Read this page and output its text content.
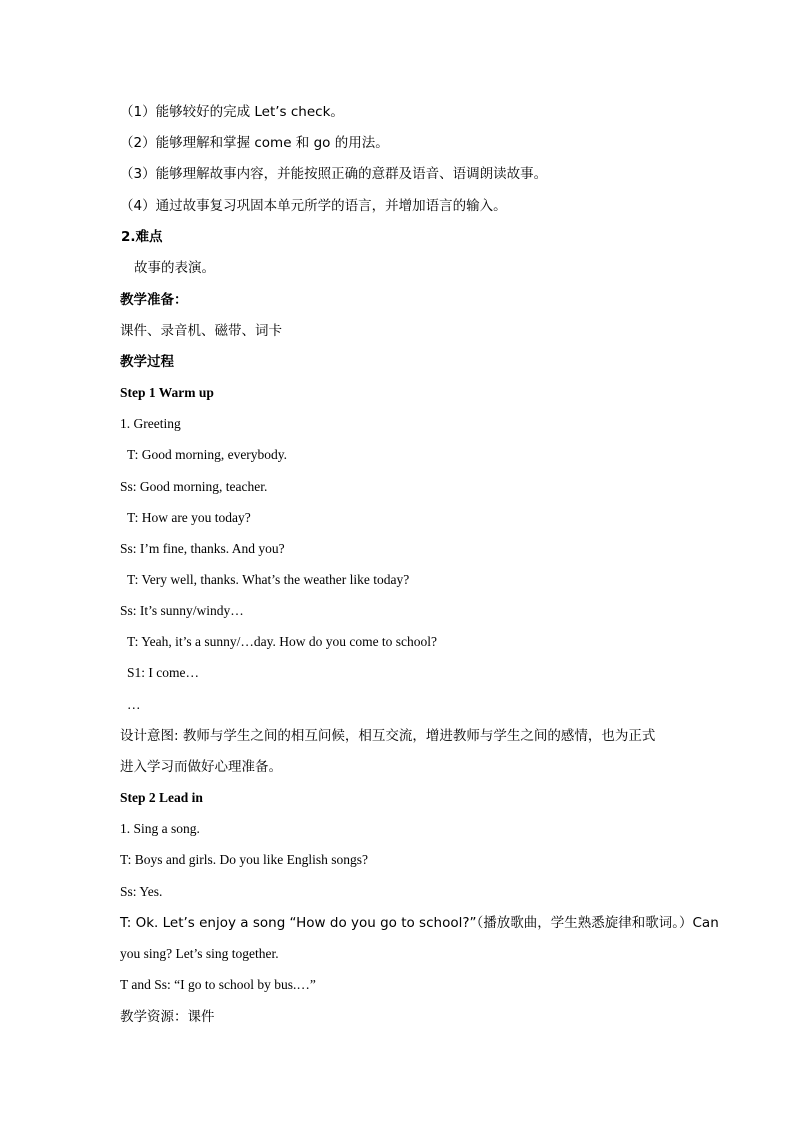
（1）能够较好的完成 Let’s check。
（2）能够理解和掌握 come 和 go 的用法。
（3）能够理解故事内容，并能按照正确的意群及语音、语调朗读故事。
（4）通过故事复习巩固本单元所学的语言，并增加语言的输入。
2.难点
故事的表演。
教学准备：
课件、录音机、磁带、词卡
教学过程
Step 1 Warm up
1. Greeting
T: Good morning, everybody.
Ss: Good morning, teacher.
T: How are you today?
Ss: I’m fine, thanks. And you?
T: Very well, thanks. What’s the weather like today?
Ss: It’s sunny/windy…
T: Yeah, it’s a sunny/…day. How do you come to school?
S1: I come…
…
设计意图: 教师与学生之间的相互问候，相互交流，增进教师与学生之间的感情，也为正式
进入学习而做好心理准备。
Step 2 Lead in
1. Sing a song.
T: Boys and girls. Do you like English songs?
Ss: Yes.
T: Ok. Let’s enjoy a song “How do you go to school?”（播放歌曲，学生熟悉旋律和歌词。）Can
you sing? Let’s sing together.
T and Ss: “I go to school by bus.…”
教学资源：课件
